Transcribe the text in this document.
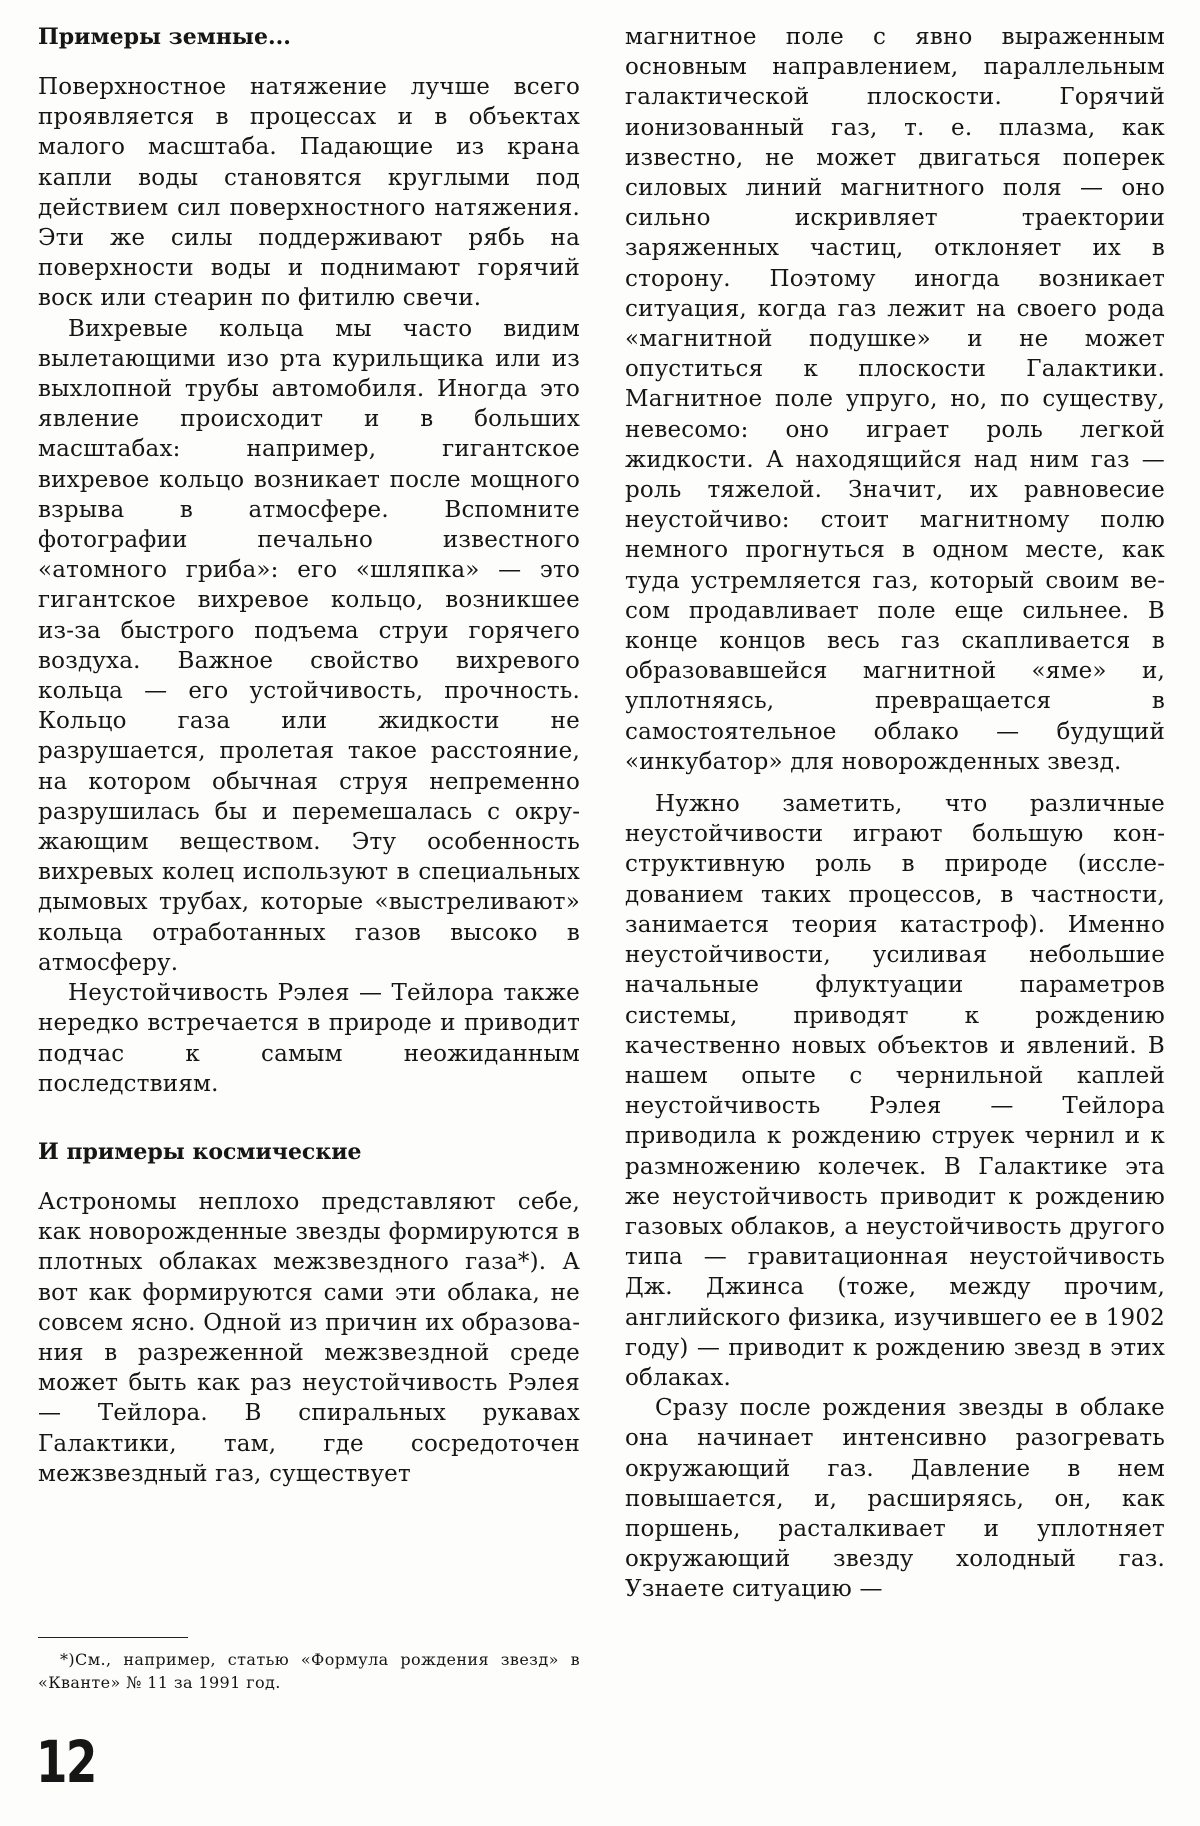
Примеры земные...

Поверхностное натяжение лучше всего проявляется в процессах и в объектах малого масштаба. Падающие из крана капли воды становятся круглыми под действием сил поверхностного натяжения. Эти же силы поддерживают рябь на поверхности воды и поднимают горячий воск или стеарин по фитилю свечи.

Вихревые кольца мы часто видим вылетающими изо рта курильщика или из выхлопной трубы автомобиля. Иногда это явление происходит и в больших масштабах: например, гигантское вихревое кольцо возникает после мощного взрыва в атмосфере. Вспомните фотографии печально известного «атомного гриба»: его «шляпка» — это гигантское вихревое кольцо, возникшее из-за быстрого подъема струи горячего воздуха. Важное свойство вихревого кольца — его устойчивость, прочность. Кольцо газа или жидкости не разрушается, пролетая такое расстояние, на котором обычная струя непременно разрушилась бы и перемешалась с окружающим веществом. Эту особенность вихревых колец используют в специальных дымовых трубах, которые «выстреливают» кольца отработанных газов высоко в атмосферу.

Неустойчивость Рэлея — Тейлора также нередко встречается в природе и приводит подчас к самым неожиданным последствиям.

И примеры космические

Астрономы неплохо представляют себе, как новорожденные звезды формируются в плотных облаках межзвездного газа*). А вот как формируются сами эти облака, не совсем ясно. Одной из причин их образования в разреженной межзвездной среде может быть как раз неустойчивость Рэлея — Тейлора. В спиральных рукавах Галактики, там, где сосредоточен межзвездный газ, существует

магнитное поле с явно выраженным основным направлением, параллельным галактической плоскости. Горячий ионизованный газ, т. е. плазма, как известно, не может двигаться поперек силовых линий магнитного поля — оно сильно искривляет траектории заряженных частиц, отклоняет их в сторону. Поэтому иногда возникает ситуация, когда газ лежит на своего рода «магнитной подушке» и не может опуститься к плоскости Галактики. Магнитное поле упруго, но, по существу, невесомо: оно играет роль легкой жидкости. А находящийся над ним газ — роль тяжелой. Значит, их равновесие неустойчиво: стоит магнитному полю немного прогнуться в одном месте, как туда устремляется газ, который своим весом продавливает поле еще сильнее. В конце концов весь газ скапливается в образовавшейся магнитной «яме» и, уплотняясь, превращается в самостоятельное облако — будущий «инкубатор» для новорожденных звезд.

Нужно заметить, что различные неустойчивости играют большую конструктивную роль в природе (исследованием таких процессов, в частности, занимается теория катастроф). Именно неустойчивости, усиливая небольшие начальные флуктуации параметров системы, приводят к рождению качественно новых объектов и явлений. В нашем опыте с чернильной каплей неустойчивость Рэлея — Тейлора приводила к рождению струек чернил и к размножению колечек. В Галактике эта же неустойчивость приводит к рождению газовых облаков, а неустойчивость другого типа — гравитационная неустойчивость Дж. Джинса (тоже, между прочим, английского физика, изучившего ее в 1902 году) — приводит к рождению звезд в этих облаках.

Сразу после рождения звезды в облаке она начинает интенсивно разогревать окружающий газ. Давление в нем повышается, и, расширяясь, он, как поршень, расталкивает и уплотняет окружающий звезду холодный газ. Узнаете ситуацию —

*)См., например, статью «Формула рождения звезд» в «Кванте» № 11 за 1991 год.
12
